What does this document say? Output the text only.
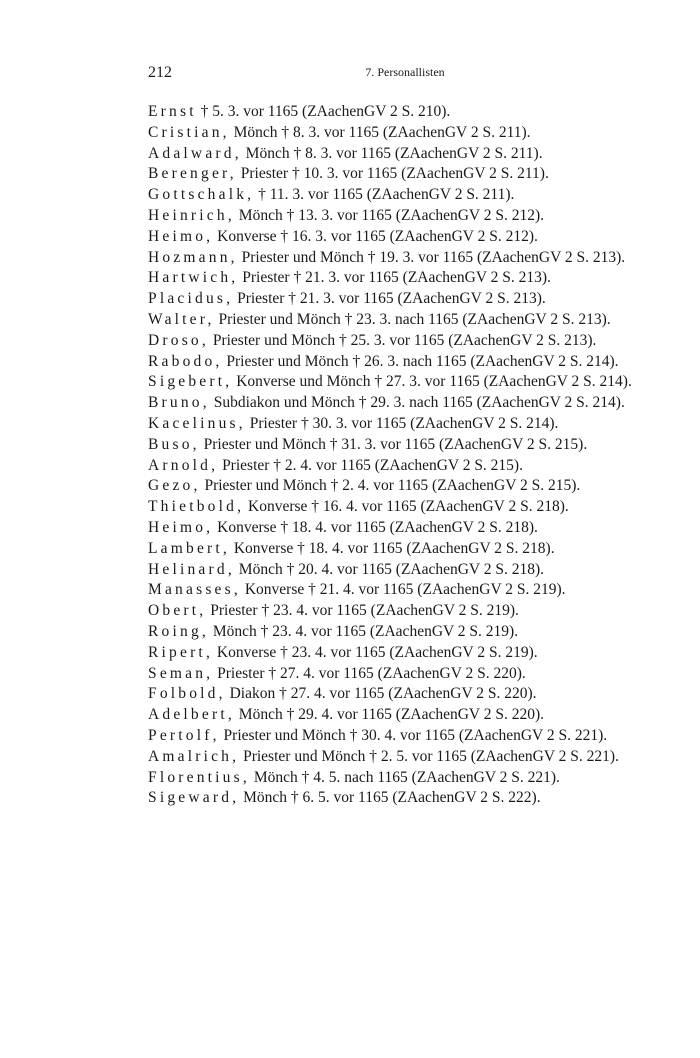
212	7. Personallisten
Ernst † 5. 3. vor 1165 (ZAachenGV 2 S. 210).
Cristian, Mönch † 8. 3. vor 1165 (ZAachenGV 2 S. 211).
Adalward, Mönch † 8. 3. vor 1165 (ZAachenGV 2 S. 211).
Berenger, Priester † 10. 3. vor 1165 (ZAachenGV 2 S. 211).
Gottschalk, † 11. 3. vor 1165 (ZAachenGV 2 S. 211).
Heinrich, Mönch † 13. 3. vor 1165 (ZAachenGV 2 S. 212).
Heimo, Konverse † 16. 3. vor 1165 (ZAachenGV 2 S. 212).
Hozmann, Priester und Mönch † 19. 3. vor 1165 (ZAachenGV 2 S. 213).
Hartwich, Priester † 21. 3. vor 1165 (ZAachenGV 2 S. 213).
Placidus, Priester † 21. 3. vor 1165 (ZAachenGV 2 S. 213).
Walter, Priester und Mönch † 23. 3. nach 1165 (ZAachenGV 2 S. 213).
Droso, Priester und Mönch † 25. 3. vor 1165 (ZAachenGV 2 S. 213).
Rabodo, Priester und Mönch † 26. 3. nach 1165 (ZAachenGV 2 S. 214).
Sigebert, Konverse und Mönch † 27. 3. vor 1165 (ZAachenGV 2 S. 214).
Bruno, Subdiakon und Mönch † 29. 3. nach 1165 (ZAachenGV 2 S. 214).
Kacelinus, Priester † 30. 3. vor 1165 (ZAachenGV 2 S. 214).
Buso, Priester und Mönch † 31. 3. vor 1165 (ZAachenGV 2 S. 215).
Arnold, Priester † 2. 4. vor 1165 (ZAachenGV 2 S. 215).
Gezo, Priester und Mönch † 2. 4. vor 1165 (ZAachenGV 2 S. 215).
Thietbold, Konverse † 16. 4. vor 1165 (ZAachenGV 2 S. 218).
Heimo, Konverse † 18. 4. vor 1165 (ZAachenGV 2 S. 218).
Lambert, Konverse † 18. 4. vor 1165 (ZAachenGV 2 S. 218).
Helinard, Mönch † 20. 4. vor 1165 (ZAachenGV 2 S. 218).
Manasses, Konverse † 21. 4. vor 1165 (ZAachenGV 2 S. 219).
Obert, Priester † 23. 4. vor 1165 (ZAachenGV 2 S. 219).
Roing, Mönch † 23. 4. vor 1165 (ZAachenGV 2 S. 219).
Ripert, Konverse † 23. 4. vor 1165 (ZAachenGV 2 S. 219).
Seman, Priester † 27. 4. vor 1165 (ZAachenGV 2 S. 220).
Folbold, Diakon † 27. 4. vor 1165 (ZAachenGV 2 S. 220).
Adelbert, Mönch † 29. 4. vor 1165 (ZAachenGV 2 S. 220).
Pertolf, Priester und Mönch † 30. 4. vor 1165 (ZAachenGV 2 S. 221).
Amalrich, Priester und Mönch † 2. 5. vor 1165 (ZAachenGV 2 S. 221).
Florentius, Mönch † 4. 5. nach 1165 (ZAachenGV 2 S. 221).
Sigeward, Mönch † 6. 5. vor 1165 (ZAachenGV 2 S. 222).
